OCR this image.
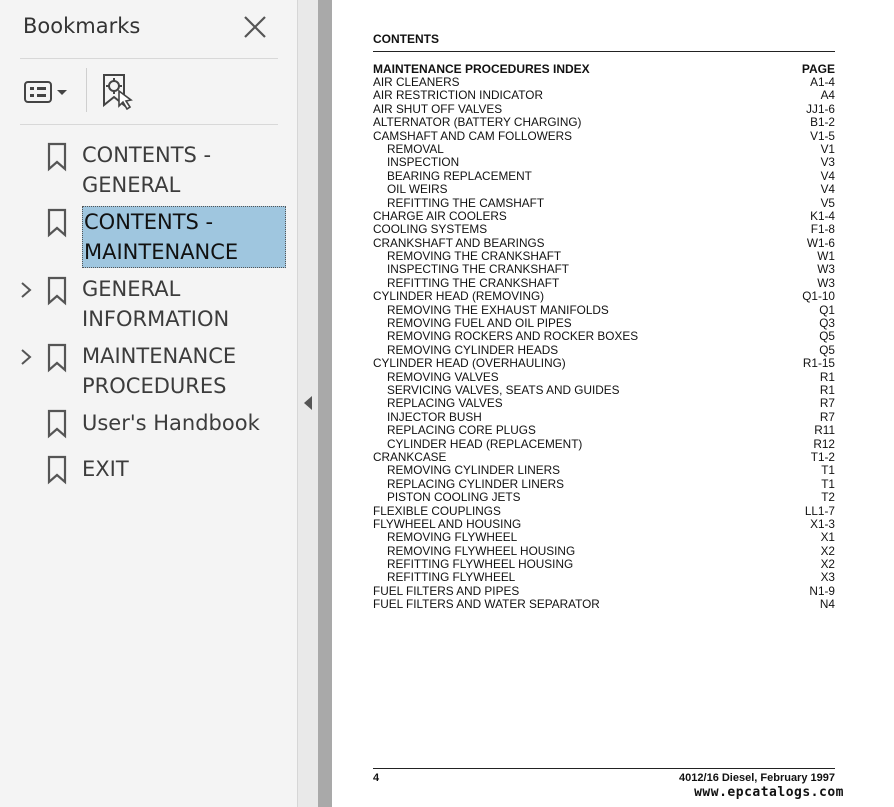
Bookmarks
CONTENTS -
GENERAL
CONTENTS -
MAINTENANCE
GENERAL
INFORMATION
MAINTENANCE
PROCEDURES
User's Handbook
EXIT
CONTENTS
MAINTENANCE PROCEDURES INDEX	PAGE
AIR CLEANERS	A1-4
AIR RESTRICTION INDICATOR	A4
AIR SHUT OFF VALVES	JJ1-6
ALTERNATOR (BATTERY CHARGING)	B1-2
CAMSHAFT AND CAM FOLLOWERS	V1-5
REMOVAL	V1
INSPECTION	V3
BEARING REPLACEMENT	V4
OIL WEIRS	V4
REFITTING THE CAMSHAFT	V5
CHARGE AIR COOLERS	K1-4
COOLING SYSTEMS	F1-8
CRANKSHAFT AND BEARINGS	W1-6
REMOVING THE CRANKSHAFT	W1
INSPECTING THE CRANKSHAFT	W3
REFITTING THE CRANKSHAFT	W3
CYLINDER HEAD (REMOVING)	Q1-10
REMOVING THE EXHAUST MANIFOLDS	Q1
REMOVING FUEL AND OIL PIPES	Q3
REMOVING ROCKERS AND ROCKER BOXES	Q5
REMOVING CYLINDER HEADS	Q5
CYLINDER HEAD (OVERHAULING)	R1-15
REMOVING VALVES	R1
SERVICING VALVES, SEATS AND GUIDES	R1
REPLACING VALVES	R7
INJECTOR BUSH	R7
REPLACING CORE PLUGS	R11
CYLINDER HEAD (REPLACEMENT)	R12
CRANKCASE	T1-2
REMOVING CYLINDER LINERS	T1
REPLACING CYLINDER LINERS	T1
PISTON COOLING JETS	T2
FLEXIBLE COUPLINGS	LL1-7
FLYWHEEL AND HOUSING	X1-3
REMOVING FLYWHEEL	X1
REMOVING FLYWHEEL HOUSING	X2
REFITTING FLYWHEEL HOUSING	X2
REFITTING FLYWHEEL	X3
FUEL FILTERS AND PIPES	N1-9
FUEL FILTERS AND WATER SEPARATOR	N4
4	4012/16 Diesel, February 1997
www.epcatalogs.com
